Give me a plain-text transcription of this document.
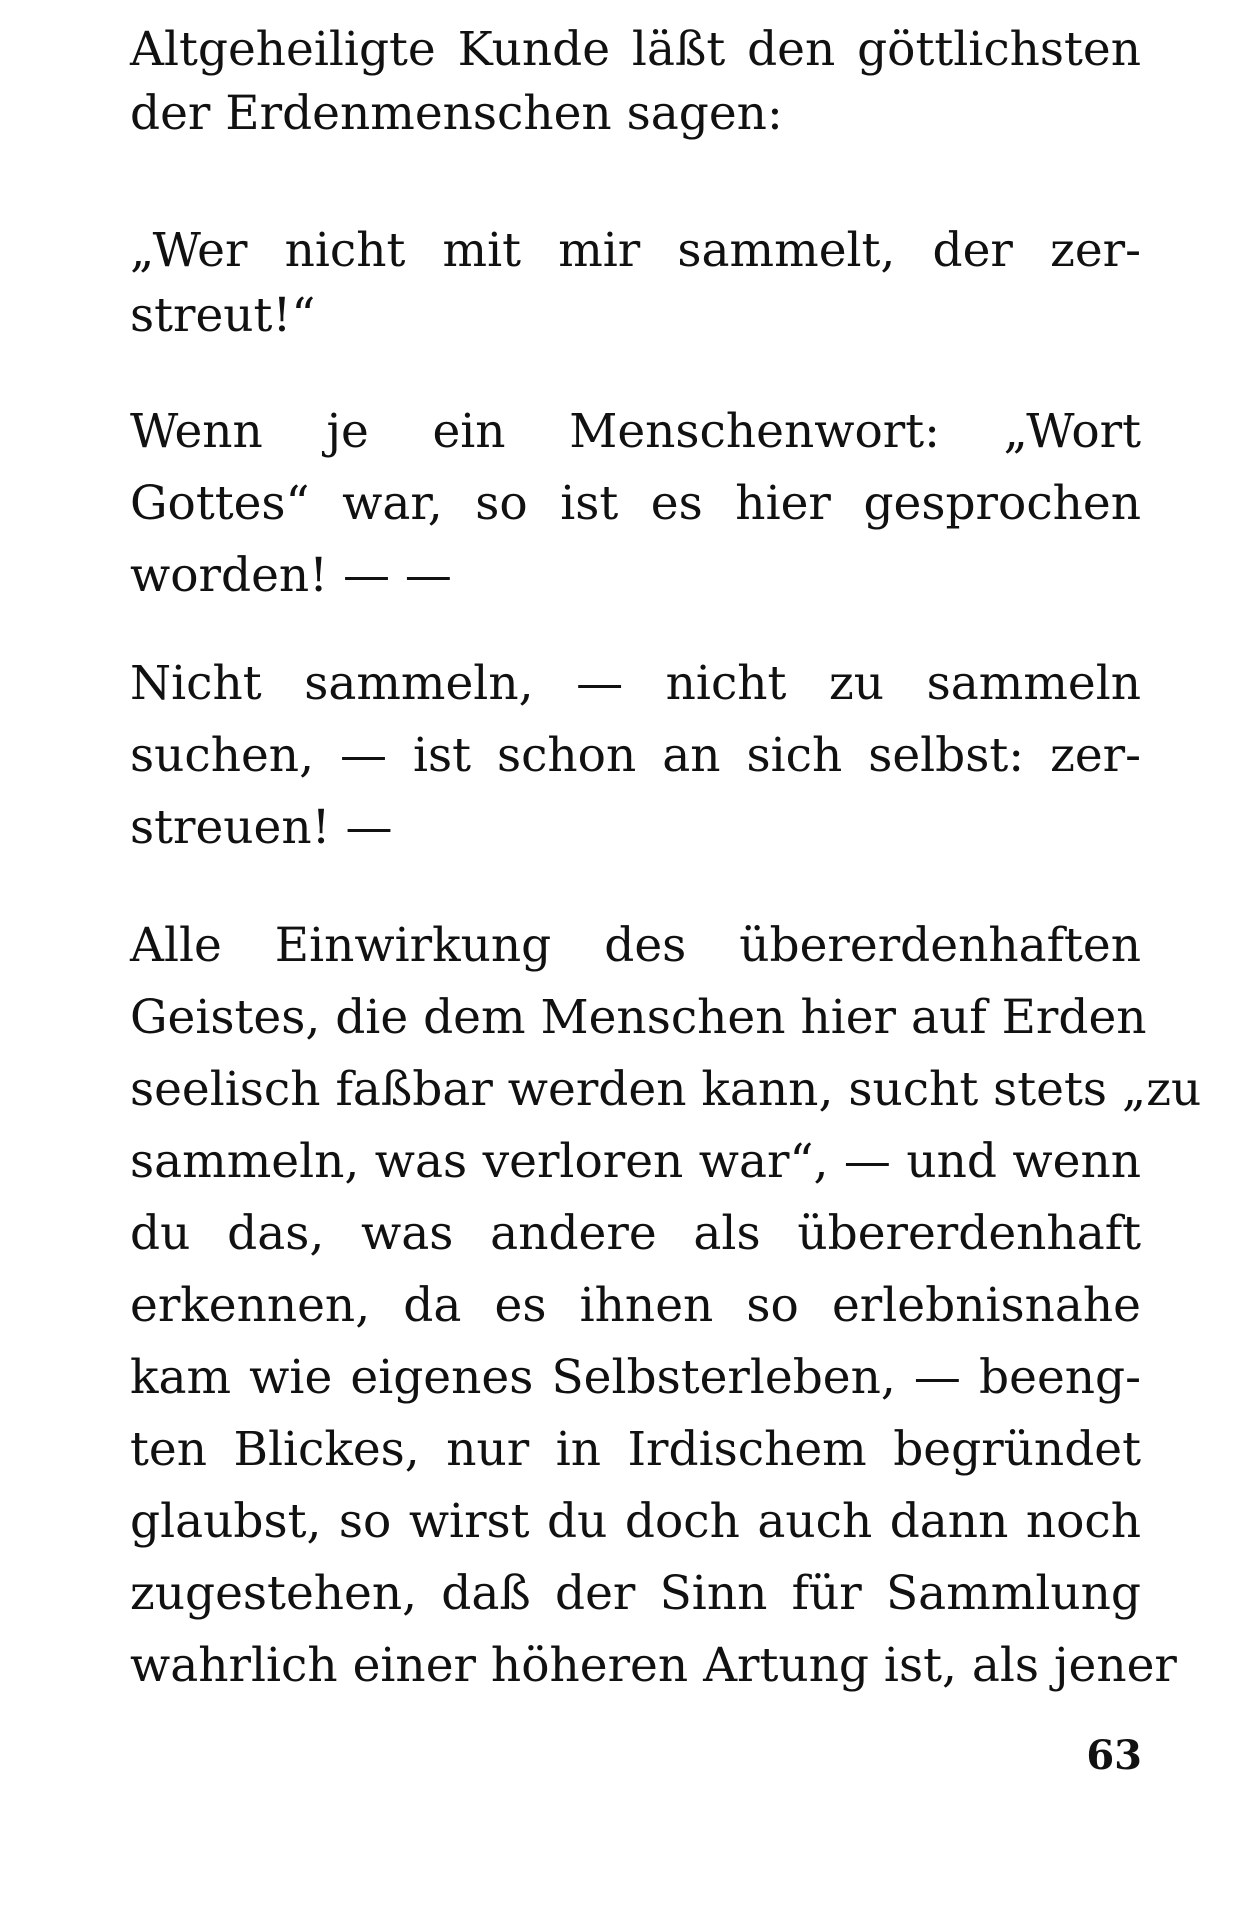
Altgeheiligte Kunde läßt den göttlichsten
der Erdenmenschen sagen:
„Wer nicht mit mir sammelt, der zer-
streut!“
Wenn je ein Menschenwort: „Wort
Gottes“ war, so ist es hier gesprochen
worden! — —
Nicht sammeln, — nicht zu sammeln
suchen, — ist schon an sich selbst: zer-
streuen! —
Alle Einwirkung des übererdenhaften
Geistes, die dem Menschen hier auf Erden
seelisch faßbar werden kann, sucht stets „zu
sammeln, was verloren war“, — und wenn
du das, was andere als übererdenhaft
erkennen, da es ihnen so erlebnisnahe
kam wie eigenes Selbsterleben, — beeng-
ten Blickes, nur in Irdischem begründet
glaubst, so wirst du doch auch dann noch
zugestehen, daß der Sinn für Sammlung
wahrlich einer höheren Artung ist, als jener
63
